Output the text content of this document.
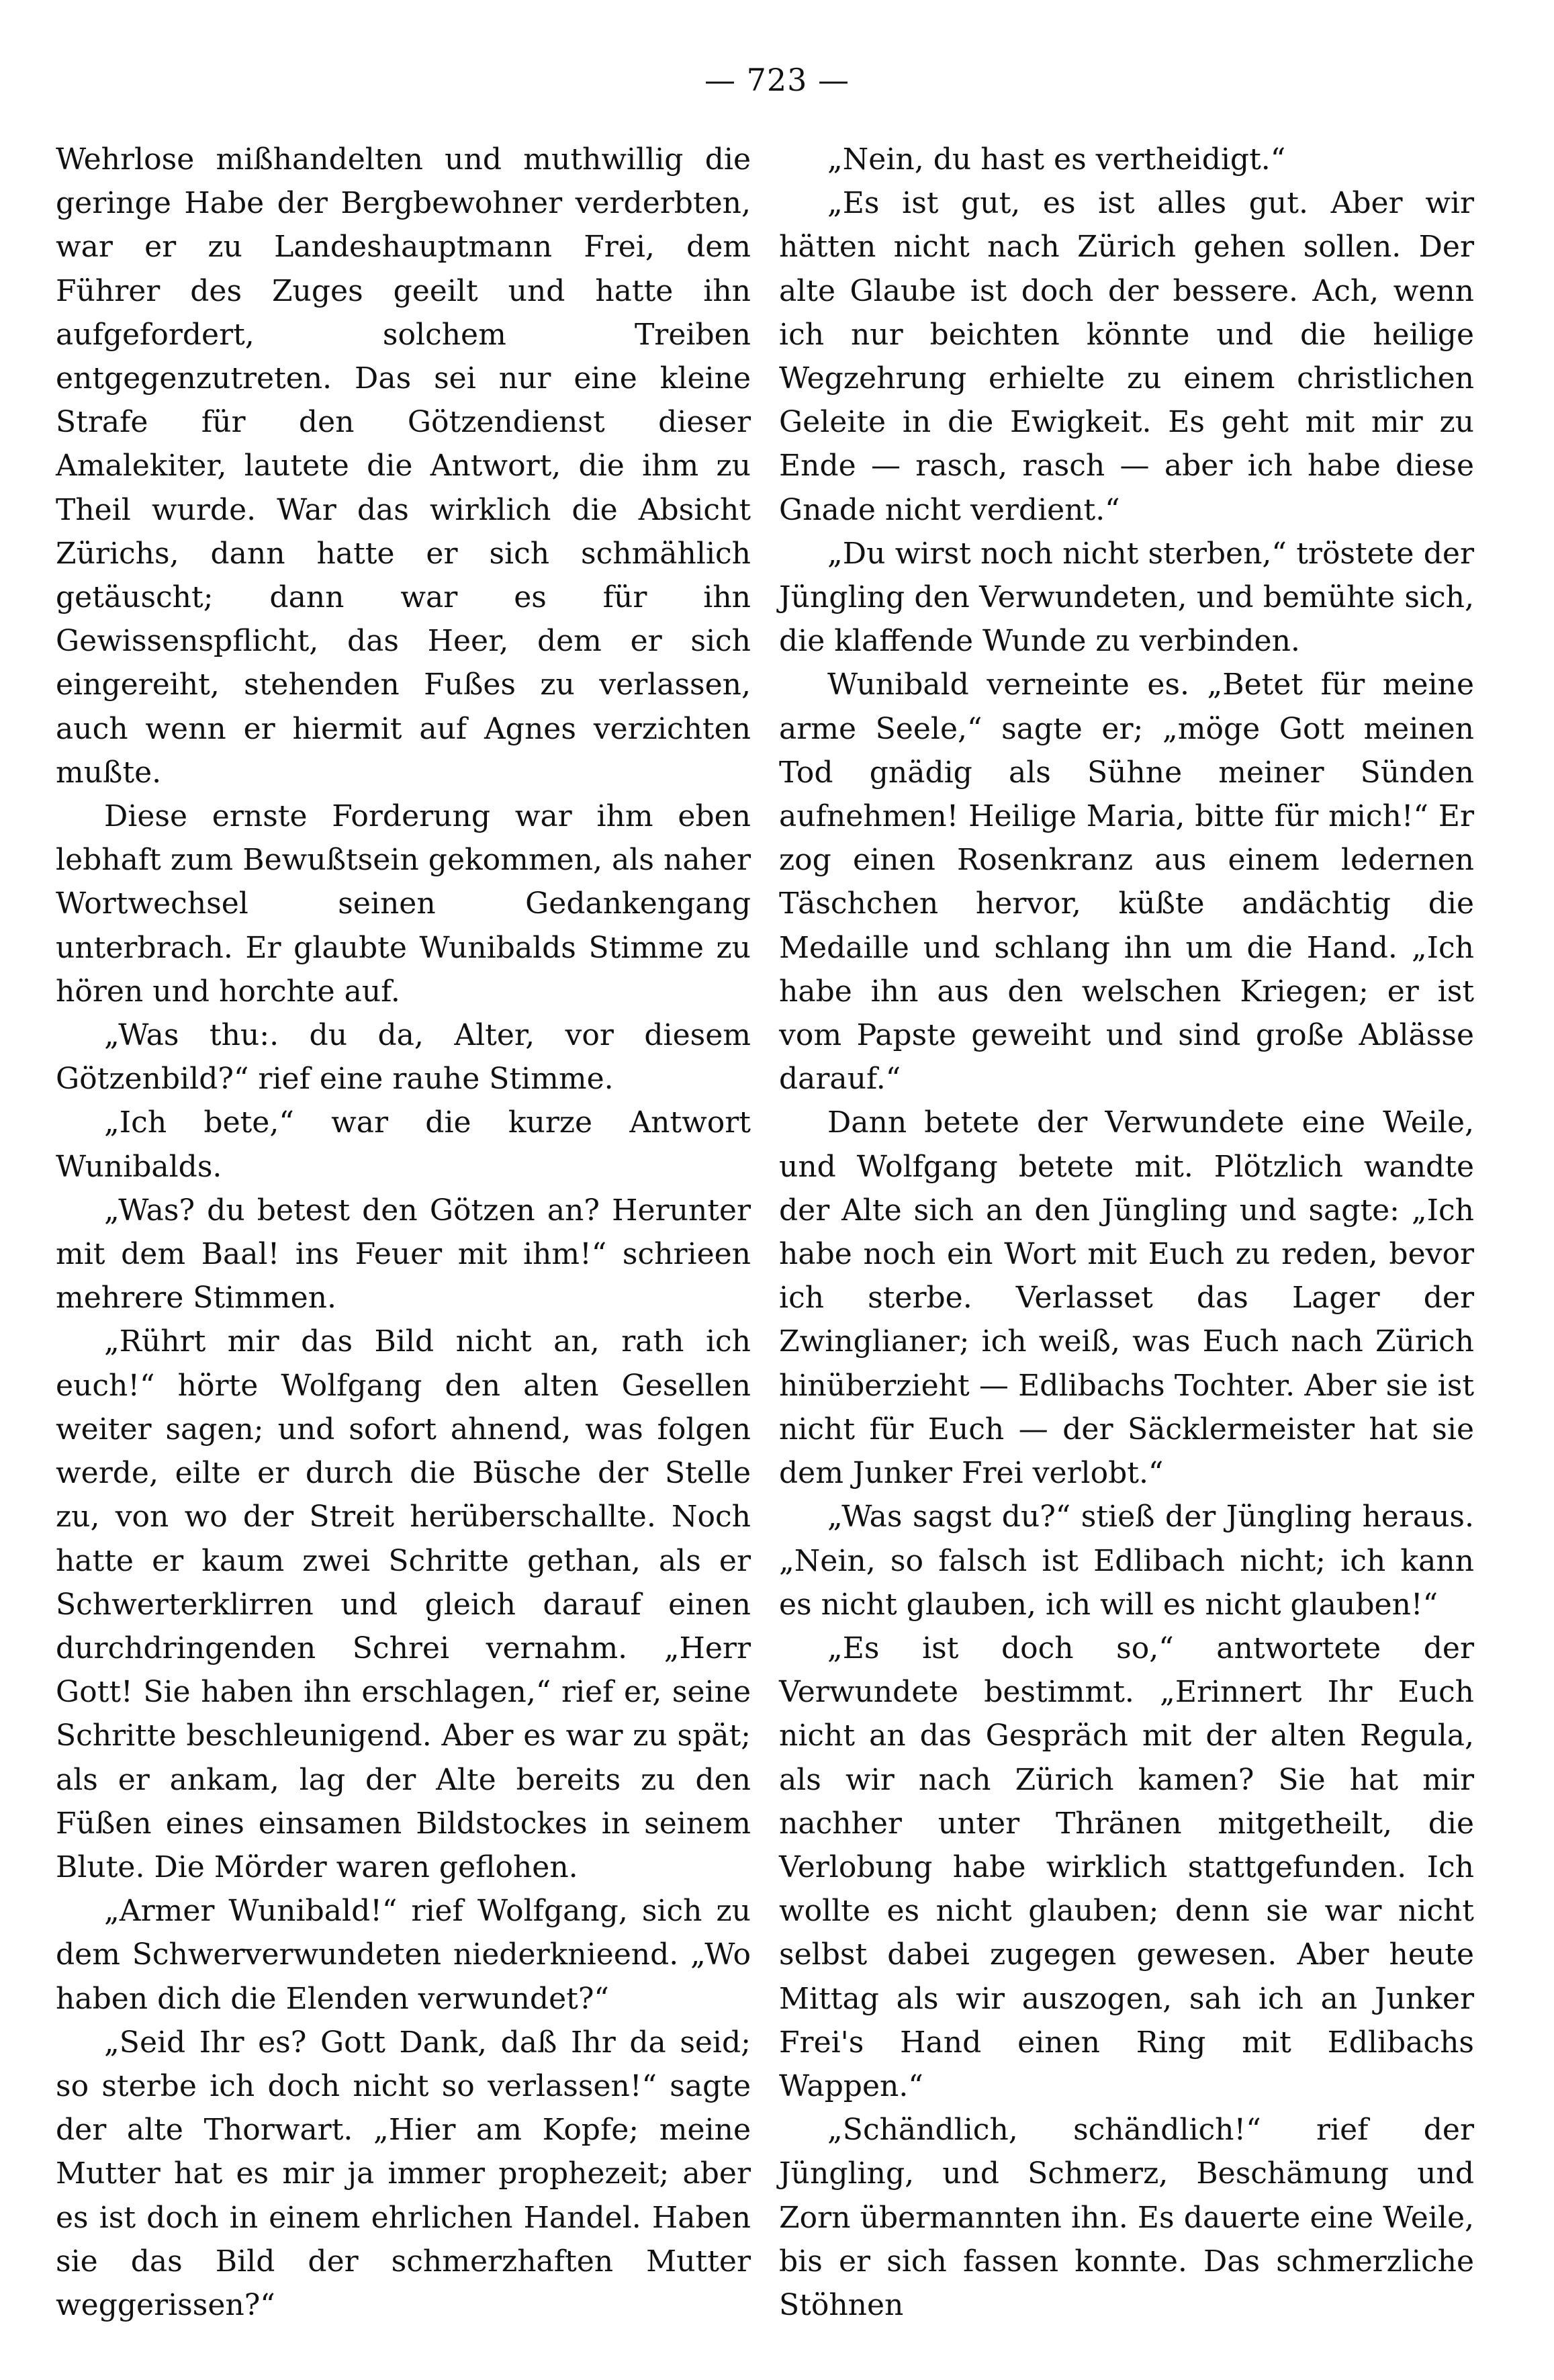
— 723 —

Wehrlose mißhandelten und muthwillig die geringe Habe der Bergbewohner verderbten, war er zu Landeshauptmann Frei, dem Führer des Zuges geeilt und hatte ihn aufgefordert, solchem Treiben entgegenzutreten. Das sei nur eine kleine Strafe für den Götzendienst dieser Amalekiter, lautete die Antwort, die ihm zu Theil wurde. War das wirklich die Absicht Zürichs, dann hatte er sich schmählich getäuscht; dann war es für ihn Gewissenspflicht, das Heer, dem er sich eingereiht, stehenden Fußes zu verlassen, auch wenn er hiermit auf Agnes verzichten mußte.

Diese ernste Forderung war ihm eben lebhaft zum Bewußtsein gekommen, als naher Wortwechsel seinen Gedankengang unterbrach. Er glaubte Wunibalds Stimme zu hören und horchte auf.

„Was thu:. du da, Alter, vor diesem Götzenbild?“ rief eine rauhe Stimme.

„Ich bete,“ war die kurze Antwort Wunibalds.

„Was? du betest den Götzen an? Herunter mit dem Baal! ins Feuer mit ihm!“ schrieen mehrere Stimmen.

„Rührt mir das Bild nicht an, rath ich euch!“ hörte Wolfgang den alten Gesellen weiter sagen; und sofort ahnend, was folgen werde, eilte er durch die Büsche der Stelle zu, von wo der Streit herüberschallte. Noch hatte er kaum zwei Schritte gethan, als er Schwerterklirren und gleich darauf einen durchdringenden Schrei vernahm. „Herr Gott! Sie haben ihn erschlagen,“ rief er, seine Schritte beschleunigend. Aber es war zu spät; als er ankam, lag der Alte bereits zu den Füßen eines einsamen Bildstockes in seinem Blute. Die Mörder waren geflohen.

„Armer Wunibald!“ rief Wolfgang, sich zu dem Schwerverwundeten niederknieend. „Wo haben dich die Elenden verwundet?“

„Seid Ihr es? Gott Dank, daß Ihr da seid; so sterbe ich doch nicht so verlassen!“ sagte der alte Thorwart. „Hier am Kopfe; meine Mutter hat es mir ja immer prophezeit; aber es ist doch in einem ehrlichen Handel. Haben sie das Bild der schmerzhaften Mutter weggerissen?“

„Nein, du hast es vertheidigt.“

„Es ist gut, es ist alles gut. Aber wir hätten nicht nach Zürich gehen sollen. Der alte Glaube ist doch der bessere. Ach, wenn ich nur beichten könnte und die heilige Wegzehrung erhielte zu einem christlichen Geleite in die Ewigkeit. Es geht mit mir zu Ende — rasch, rasch — aber ich habe diese Gnade nicht verdient.“

„Du wirst noch nicht sterben,“ tröstete der Jüngling den Verwundeten, und bemühte sich, die klaffende Wunde zu verbinden.

Wunibald verneinte es. „Betet für meine arme Seele,“ sagte er; „möge Gott meinen Tod gnädig als Sühne meiner Sünden aufnehmen! Heilige Maria, bitte für mich!“ Er zog einen Rosenkranz aus einem ledernen Täschchen hervor, küßte andächtig die Medaille und schlang ihn um die Hand. „Ich habe ihn aus den welschen Kriegen; er ist vom Papste geweiht und sind große Ablässe darauf.“

Dann betete der Verwundete eine Weile, und Wolfgang betete mit. Plötzlich wandte der Alte sich an den Jüngling und sagte: „Ich habe noch ein Wort mit Euch zu reden, bevor ich sterbe. Verlasset das Lager der Zwinglianer; ich weiß, was Euch nach Zürich hinüberzieht — Edlibachs Tochter. Aber sie ist nicht für Euch — der Säcklermeister hat sie dem Junker Frei verlobt.“

„Was sagst du?“ stieß der Jüngling heraus. „Nein, so falsch ist Edlibach nicht; ich kann es nicht glauben, ich will es nicht glauben!“

„Es ist doch so,“ antwortete der Verwundete bestimmt. „Erinnert Ihr Euch nicht an das Gespräch mit der alten Regula, als wir nach Zürich kamen? Sie hat mir nachher unter Thränen mitgetheilt, die Verlobung habe wirklich stattgefunden. Ich wollte es nicht glauben; denn sie war nicht selbst dabei zugegen gewesen. Aber heute Mittag als wir auszogen, sah ich an Junker Frei's Hand einen Ring mit Edlibachs Wappen.“

„Schändlich, schändlich!“ rief der Jüngling, und Schmerz, Beschämung und Zorn übermannten ihn. Es dauerte eine Weile, bis er sich fassen konnte. Das schmerzliche Stöhnen
